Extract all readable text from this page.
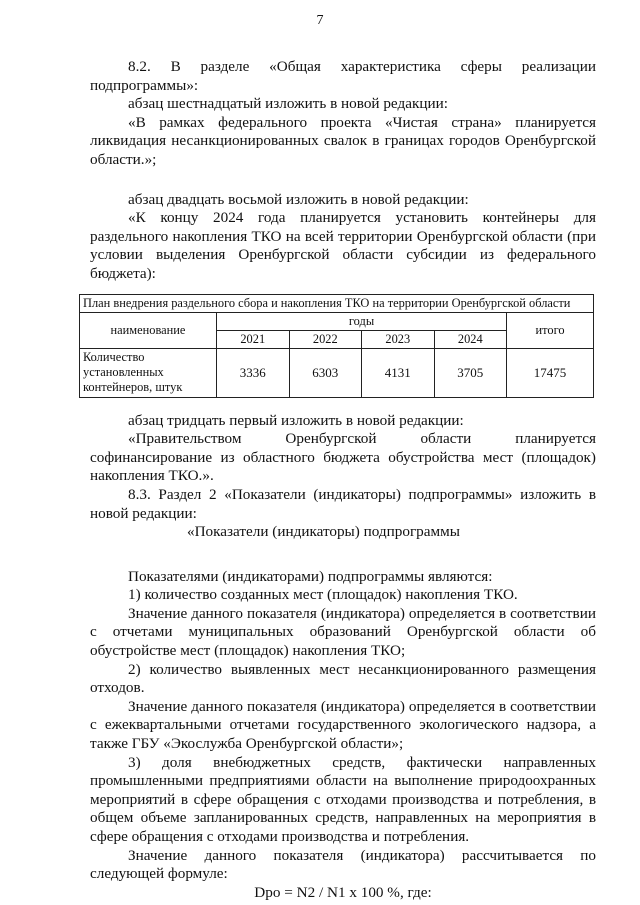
7

8.2. В разделе «Общая характеристика сферы реализации подпрограммы»:

абзац шестнадцатый изложить в новой редакции:

«В рамках федерального проекта «Чистая страна» планируется ликвидация несанкционированных свалок в границах городов Оренбургской области.»;

абзац двадцать восьмой изложить в новой редакции:

«К концу 2024 года планируется установить контейнеры для раздельного накопления ТКО на всей территории Оренбургской области (при условии выделения Оренбургской области субсидии из федерального бюджета):

План внедрения раздельного сбора и накопления ТКО на территории Оренбургской области					
наименование	годы				итого
	2021	2022	2023	2024	
Количество установленных контейнеров, штук	3336	6303	4131	3705	17475

абзац тридцать первый изложить в новой редакции:

«Правительством Оренбургской области планируется софинансирование из областного бюджета обустройства мест (площадок) накопления ТКО.».

8.3. Раздел 2 «Показатели (индикаторы) подпрограммы» изложить в новой редакции:

«Показатели (индикаторы) подпрограммы

Показателями (индикаторами) подпрограммы являются:

1) количество созданных мест (площадок) накопления ТКО.

Значение данного показателя (индикатора) определяется в соответствии с отчетами муниципальных образований Оренбургской области об обустройстве мест (площадок) накопления ТКО;

2) количество выявленных мест несанкционированного размещения отходов.

Значение данного показателя (индикатора) определяется в соответствии с ежеквартальными отчетами государственного экологического надзора, а также ГБУ «Экослужба Оренбургской области»;

3) доля внебюджетных средств, фактически направленных промышленными предприятиями области на выполнение природоохранных мероприятий в сфере обращения с отходами производства и потребления, в общем объеме запланированных средств, направленных на мероприятия в сфере обращения с отходами производства и потребления.

Значение данного показателя (индикатора) рассчитывается по следующей формуле:

Dpo = N2 / N1 x 100 %, где:
